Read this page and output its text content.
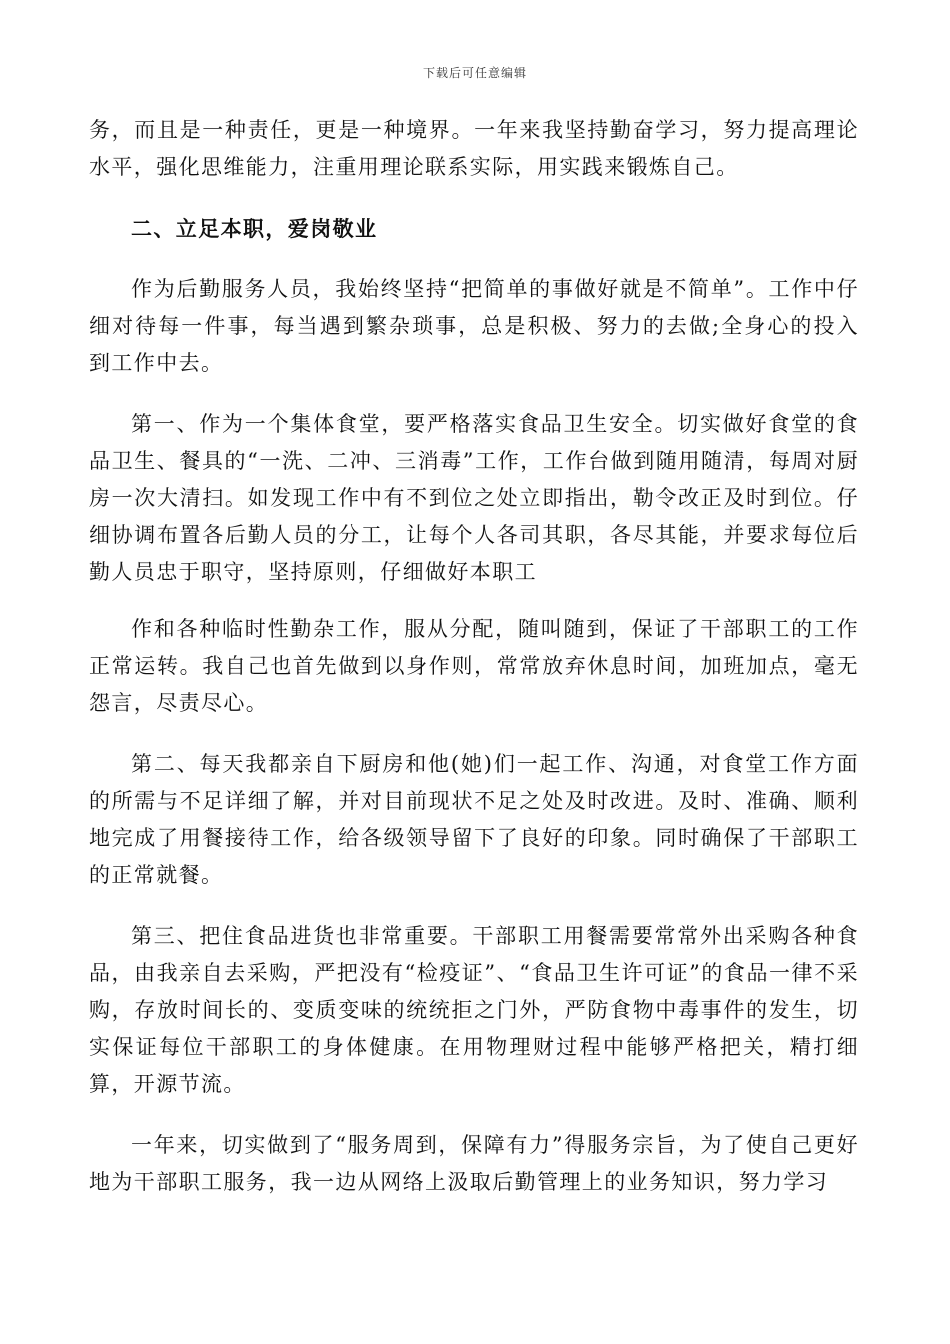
下载后可任意编辑

务，而且是一种责任，更是一种境界。一年来我坚持勤奋学习，努力提高理论水平，强化思维能力，注重用理论联系实际，用实践来锻炼自己。

二、立足本职，爱岗敬业

作为后勤服务人员，我始终坚持“把简单的事做好就是不简单”。工作中仔细对待每一件事，每当遇到繁杂琐事，总是积极、努力的去做;全身心的投入到工作中去。

第一、作为一个集体食堂，要严格落实食品卫生安全。切实做好食堂的食品卫生、餐具的“一洗、二冲、三消毒”工作，工作台做到随用随清，每周对厨房一次大清扫。如发现工作中有不到位之处立即指出，勒令改正及时到位。仔细协调布置各后勤人员的分工，让每个人各司其职，各尽其能，并要求每位后勤人员忠于职守，坚持原则，仔细做好本职工

作和各种临时性勤杂工作，服从分配，随叫随到，保证了干部职工的工作正常运转。我自己也首先做到以身作则，常常放弃休息时间，加班加点，毫无怨言，尽责尽心。

第二、每天我都亲自下厨房和他(她)们一起工作、沟通，对食堂工作方面的所需与不足详细了解，并对目前现状不足之处及时改进。及时、准确、顺利地完成了用餐接待工作，给各级领导留下了良好的印象。同时确保了干部职工的正常就餐。

第三、把住食品进货也非常重要。干部职工用餐需要常常外出采购各种食品，由我亲自去采购，严把没有“检疫证”、“食品卫生许可证”的食品一律不采购，存放时间长的、变质变味的统统拒之门外，严防食物中毒事件的发生，切实保证每位干部职工的身体健康。在用物理财过程中能够严格把关，精打细算，开源节流。

一年来，切实做到了“服务周到，保障有力”得服务宗旨，为了使自己更好地为干部职工服务，我一边从网络上汲取后勤管理上的业务知识，努力学习
